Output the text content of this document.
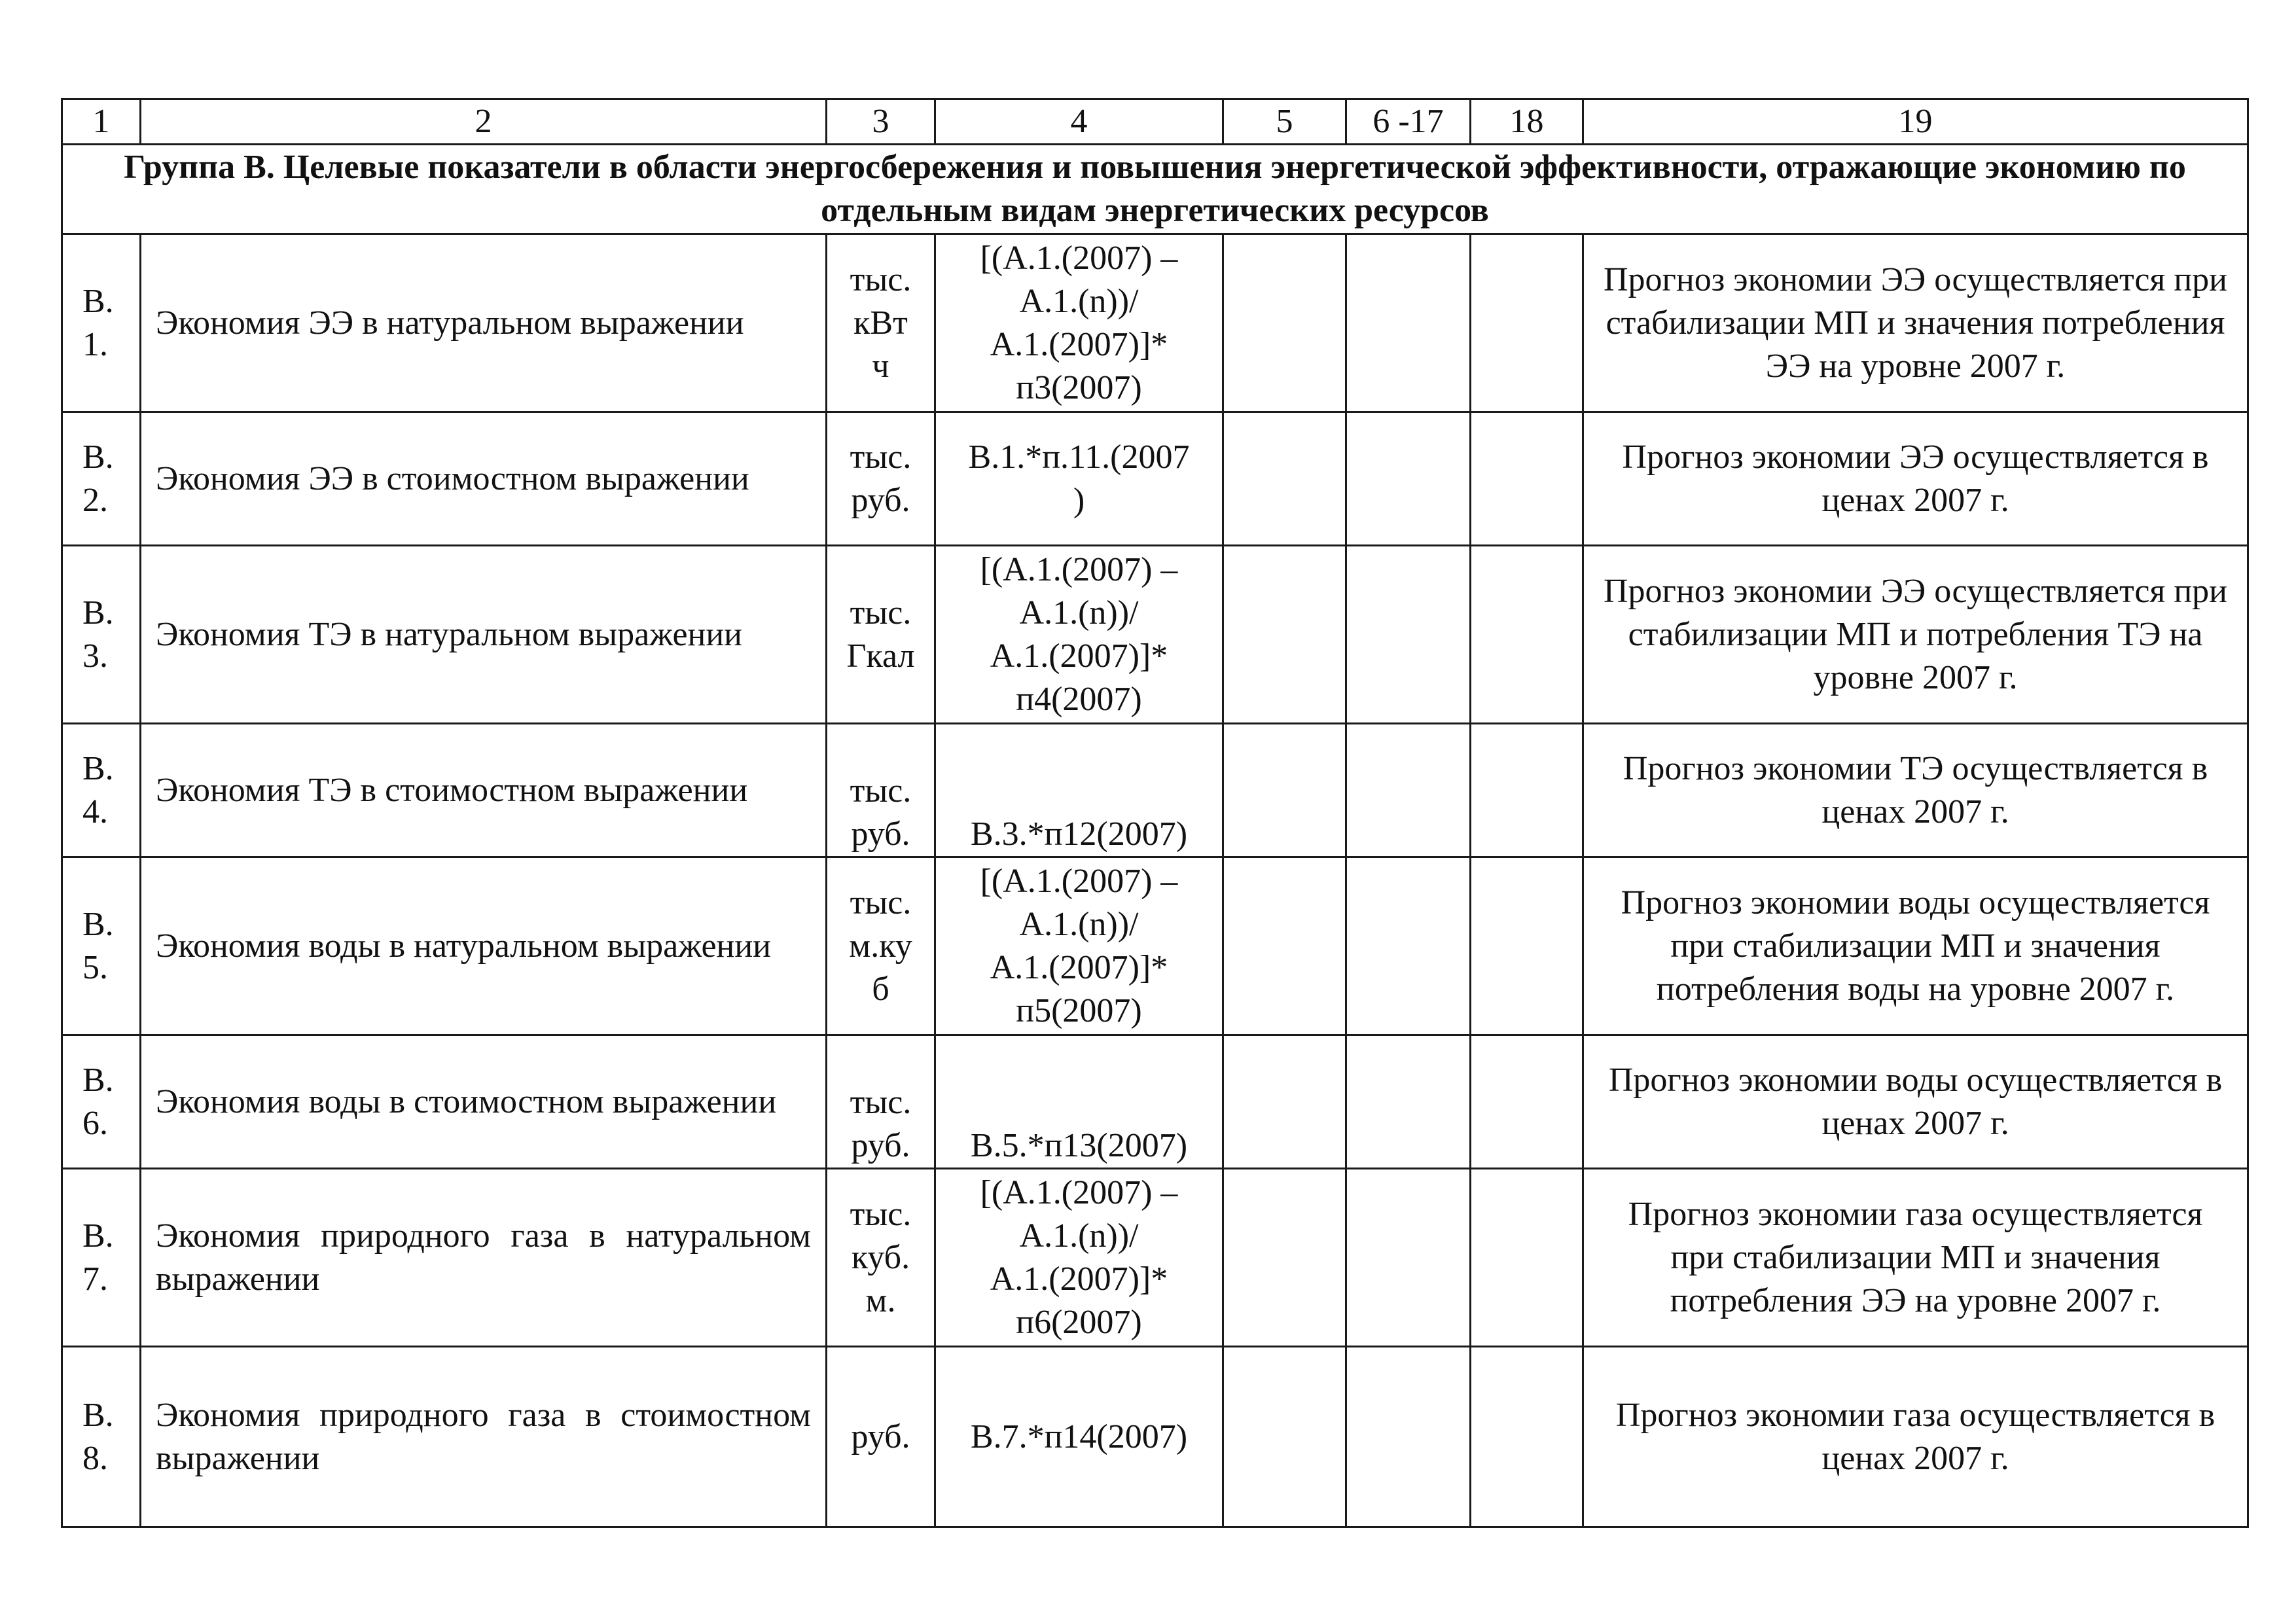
1	2	3	4	5	6 -17	18	19
Группа В. Целевые показатели в области энергосбережения и повышения энергетической эффективности, отражающие экономию по отдельным видам энергетических ресурсов							
В.
1.	Экономия ЭЭ в натуральном выражении	тыс.
кВт
ч	[(А.1.(2007) –
А.1.(n))/
А.1.(2007)]*
п3(2007)				Прогноз экономии ЭЭ осуществляется при стабилизации МП и значения потребления ЭЭ на уровне 2007 г.
В.
2.	Экономия ЭЭ в стоимостном выражении	тыс.
руб.	В.1.*п.11.(2007
)				Прогноз экономии ЭЭ осуществляется в ценах 2007 г.
В.
3.	Экономия ТЭ в натуральном выражении	тыс.
Гкал	[(А.1.(2007) –
А.1.(n))/
А.1.(2007)]*
п4(2007)				Прогноз экономии ЭЭ осуществляется при стабилизации МП и потребления ТЭ на уровне 2007 г.
В.
4.	Экономия ТЭ в стоимостном выражении	тыс.
руб.	В.3.*п12(2007)				Прогноз экономии ТЭ осуществляется в ценах 2007 г.
В.
5.	Экономия воды в натуральном выражении	тыс.
м.ку
б	[(А.1.(2007) –
А.1.(n))/
А.1.(2007)]*
п5(2007)				Прогноз экономии воды осуществляется при стабилизации МП и значения потребления воды на уровне 2007 г.
В.
6.	Экономия воды в стоимостном выражении	тыс.
руб.	В.5.*п13(2007)				Прогноз экономии воды осуществляется в ценах 2007 г.
В.
7.	Экономия природного газа в натуральном выражении	тыс.
куб.
м.	[(А.1.(2007) –
А.1.(n))/
А.1.(2007)]*
п6(2007)				Прогноз экономии газа осуществляется при стабилизации МП и значения потребления ЭЭ на уровне 2007 г.
В.
8.	Экономия природного газа в стоимостном выражении	руб.	В.7.*п14(2007)				Прогноз экономии газа осуществляется в ценах 2007 г.
